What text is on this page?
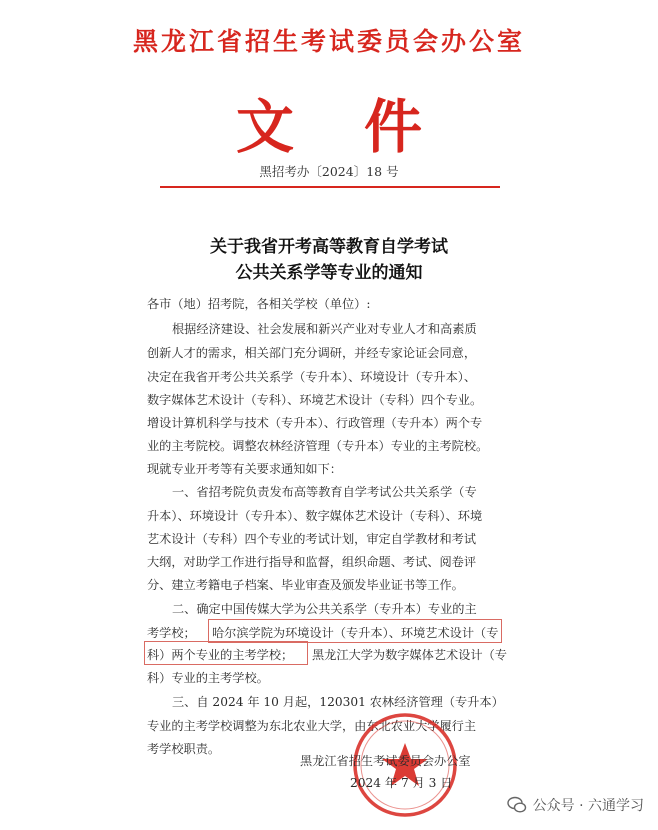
黑龙江省招生考试委员会办公室
文件
黑招考办〔2024〕18 号
关于我省开考高等教育自学考试
公共关系学等专业的通知
各市（地）招考院，各相关学校（单位）:
根据经济建设、社会发展和新兴产业对专业人才和高素质
创新人才的需求，相关部门充分调研，并经专家论证会同意，
决定在我省开考公共关系学（专升本）、环境设计（专升本）、
数字媒体艺术设计（专科）、环境艺术设计（专科）四个专业。
增设计算机科学与技术（专升本）、行政管理（专升本）两个专
业的主考院校。调整农林经济管理（专升本）专业的主考院校。
现就专业开考等有关要求通知如下：
一、省招考院负责发布高等教育自学考试公共关系学（专
升本）、环境设计（专升本）、数字媒体艺术设计（专科）、环境
艺术设计（专科）四个专业的考试计划，审定自学教材和考试
大纲，对助学工作进行指导和监督，组织命题、考试、阅卷评
分、建立考籍电子档案、毕业审查及颁发毕业证书等工作。
二、确定中国传媒大学为公共关系学（专升本）专业的主
考学校； 哈尔滨学院为环境设计（专升本）、环境艺术设计（专
科）两个专业的主考学校； 黑龙江大学为数字媒体艺术设计（专
科）专业的主考学校。
三、自 2024 年 10 月起，120301 农林经济管理（专升本）
专业的主考学校调整为东北农业大学，由东北农业大学履行主
考学校职责。
黑龙江省招生考试委员会办公室
2024 年 7 月 3 日
公众号 · 六通学习
